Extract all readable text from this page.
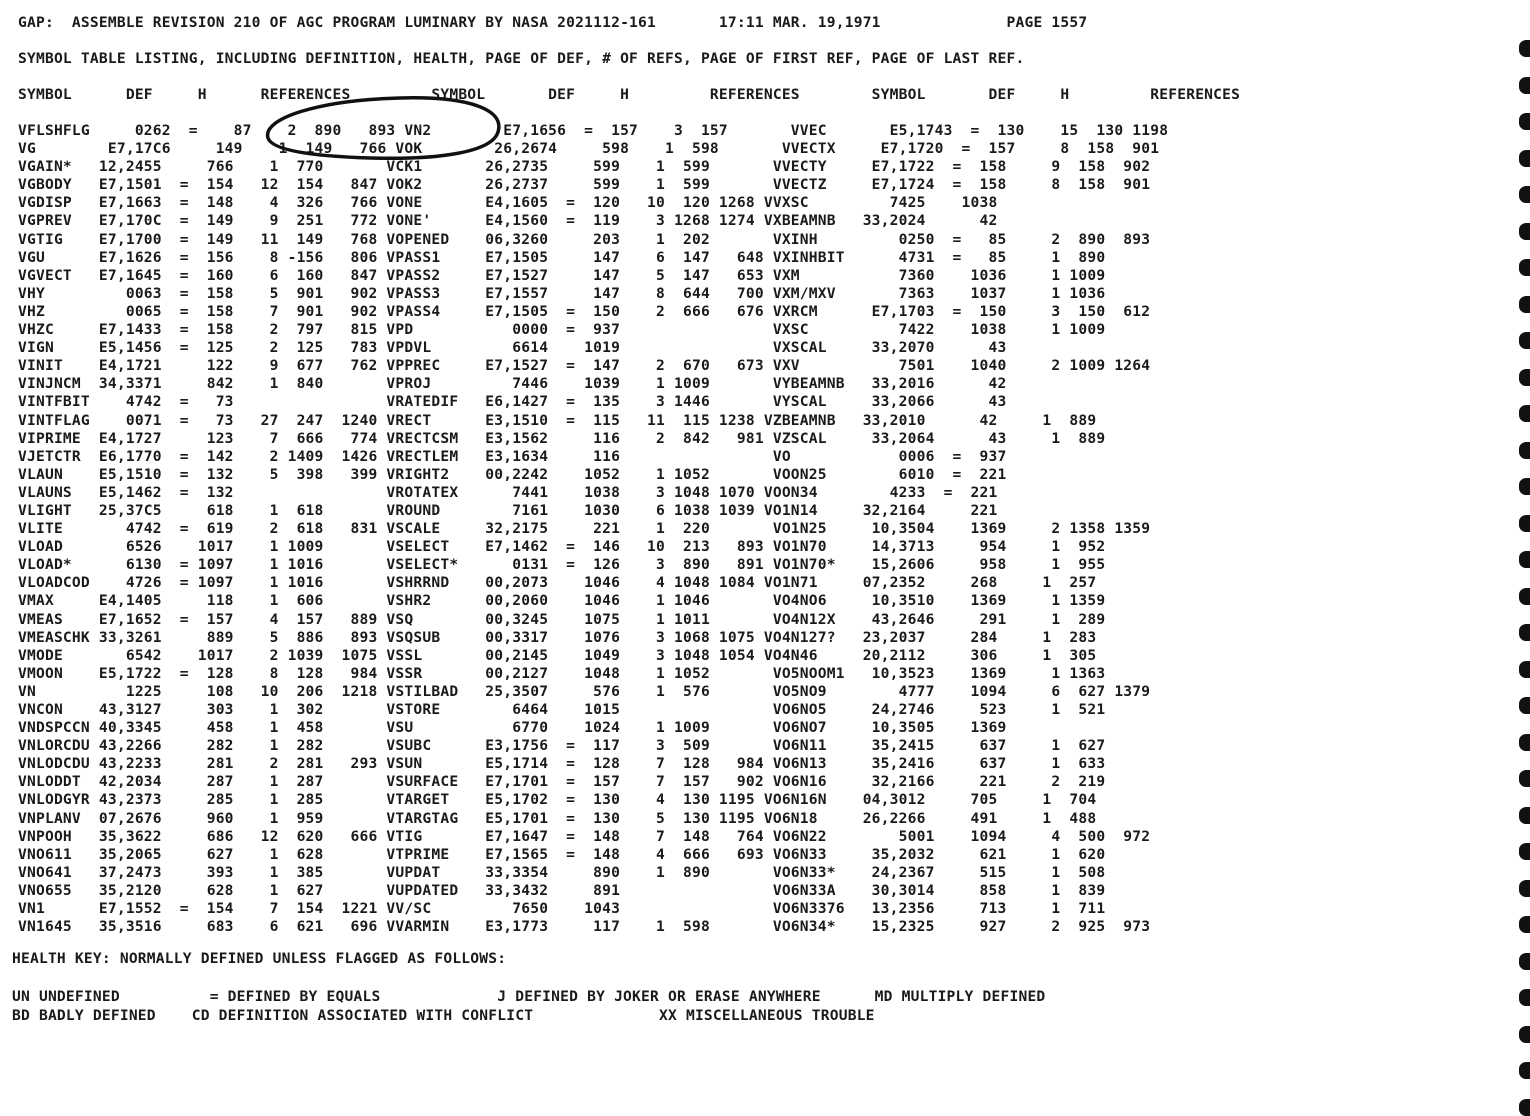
GAP:  ASSEMBLE REVISION 210 OF AGC PROGRAM LUMINARY BY NASA 2021112-161       17:11 MAR. 19,1971              PAGE 1557
SYMBOL TABLE LISTING, INCLUDING DEFINITION, HEALTH, PAGE OF DEF, # OF REFS, PAGE OF FIRST REF, PAGE OF LAST REF.
SYMBOL      DEF     H      REFERENCES         SYMBOL       DEF     H         REFERENCES        SYMBOL       DEF     H         REFERENCES
VFLSHFLG     0262  =    87    2  890   893 VN2        E7,1656  =  157    3  157       VVEC       E5,1743  =  130    15  130 1198
VG        E7,17C6     149    1  149   766 VOK        26,2674     598    1  598       VVECTX     E7,1720  =  157     8  158  901
VGAIN*   12,2455     766    1  770       VCK1       26,2735     599    1  599       VVECTY     E7,1722  =  158     9  158  902
VGBODY   E7,1501  =  154   12  154   847 VOK2       26,2737     599    1  599       VVECTZ     E7,1724  =  158     8  158  901
VGDISP   E7,1663  =  148    4  326   766 VONE       E4,1605  =  120   10  120 1268 VVXSC         7425    1038
VGPREV   E7,170C  =  149    9  251   772 VONE'      E4,1560  =  119    3 1268 1274 VXBEAMNB   33,2024      42
VGTIG    E7,1700  =  149   11  149   768 VOPENED    06,3260     203    1  202       VXINH         0250  =   85     2  890  893
VGU      E7,1626  =  156    8 -156   806 VPASS1     E7,1505     147    6  147   648 VXINHBIT      4731  =   85     1  890
VGVECT   E7,1645  =  160    6  160   847 VPASS2     E7,1527     147    5  147   653 VXM           7360    1036     1 1009
VHY         0063  =  158    5  901   902 VPASS3     E7,1557     147    8  644   700 VXM/MXV       7363    1037     1 1036
VHZ         0065  =  158    7  901   902 VPASS4     E7,1505  =  150    2  666   676 VXRCM      E7,1703  =  150     3  150  612
VHZC     E7,1433  =  158    2  797   815 VPD           0000  =  937                 VXSC          7422    1038     1 1009
VIGN     E5,1456  =  125    2  125   783 VPDVL         6614    1019                 VXSCAL     33,2070      43
VINIT    E4,1721     122    9  677   762 VPPREC     E7,1527  =  147    2  670   673 VXV           7501    1040     2 1009 1264
VINJNCM  34,3371     842    1  840       VPROJ         7446    1039    1 1009       VYBEAMNB   33,2016      42
VINTFBIT    4742  =   73                 VRATEDIF   E6,1427  =  135    3 1446       VYSCAL     33,2066      43
VINTFLAG    0071  =   73   27  247  1240 VRECT      E3,1510  =  115   11  115 1238 VZBEAMNB   33,2010      42     1  889
VIPRIME  E4,1727     123    7  666   774 VRECTCSM   E3,1562     116    2  842   981 VZSCAL     33,2064      43     1  889
VJETCTR  E6,1770  =  142    2 1409  1426 VRECTLEM   E3,1634     116                 VO            0006  =  937
VLAUN    E5,1510  =  132    5  398   399 VRIGHT2    00,2242    1052    1 1052       VOON25        6010  =  221
VLAUNS   E5,1462  =  132                 VROTATEX      7441    1038    3 1048 1070 VOON34        4233  =  221
VLIGHT   25,37C5     618    1  618       VROUND        7161    1030    6 1038 1039 VO1N14     32,2164     221
VLITE       4742  =  619    2  618   831 VSCALE     32,2175     221    1  220       VO1N25     10,3504    1369     2 1358 1359
VLOAD       6526    1017    1 1009       VSELECT    E7,1462  =  146   10  213   893 VO1N70     14,3713     954     1  952
VLOAD*      6130  = 1097    1 1016       VSELECT*      0131  =  126    3  890   891 VO1N70*    15,2606     958     1  955
VLOADCOD    4726  = 1097    1 1016       VSHRRND    00,2073    1046    4 1048 1084 VO1N71     07,2352     268     1  257
VMAX     E4,1405     118    1  606       VSHR2      00,2060    1046    1 1046       VO4NO6     10,3510    1369     1 1359
VMEAS    E7,1652  =  157    4  157   889 VSQ        00,3245    1075    1 1011       VO4N12X    43,2646     291     1  289
VMEASCHK 33,3261     889    5  886   893 VSQSUB     00,3317    1076    3 1068 1075 VO4N127?   23,2037     284     1  283
VMODE       6542    1017    2 1039  1075 VSSL       00,2145    1049    3 1048 1054 VO4N46     20,2112     306     1  305
VMOON    E5,1722  =  128    8  128   984 VSSR       00,2127    1048    1 1052       VO5NOOM1   10,3523    1369     1 1363
VN          1225     108   10  206  1218 VSTILBAD   25,3507     576    1  576       VO5NO9        4777    1094     6  627 1379
VNCON    43,3127     303    1  302       VSTORE        6464    1015                 VO6NO5     24,2746     523     1  521
VNDSPCCN 40,3345     458    1  458       VSU           6770    1024    1 1009       VO6NO7     10,3505    1369
VNLORCDU 43,2266     282    1  282       VSUBC      E3,1756  =  117    3  509       VO6N11     35,2415     637     1  627
VNLODCDU 43,2233     281    2  281   293 VSUN       E5,1714  =  128    7  128   984 VO6N13     35,2416     637     1  633
VNLODDT  42,2034     287    1  287       VSURFACE   E7,1701  =  157    7  157   902 VO6N16     32,2166     221     2  219
VNLODGYR 43,2373     285    1  285       VTARGET    E5,1702  =  130    4  130 1195 VO6N16N    04,3012     705     1  704
VNPLANV  07,2676     960    1  959       VTARGTAG   E5,1701  =  130    5  130 1195 VO6N18     26,2266     491     1  488
VNPOOH   35,3622     686   12  620   666 VTIG       E7,1647  =  148    7  148   764 VO6N22        5001    1094     4  500  972
VNO611   35,2065     627    1  628       VTPRIME    E7,1565  =  148    4  666   693 VO6N33     35,2032     621     1  620
VNO641   37,2473     393    1  385       VUPDAT     33,3354     890    1  890       VO6N33*    24,2367     515     1  508
VNO655   35,2120     628    1  627       VUPDATED   33,3432     891                 VO6N33A    30,3014     858     1  839
VN1      E7,1552  =  154    7  154  1221 VV/SC         7650    1043                 VO6N3376   13,2356     713     1  711
VN1645   35,3516     683    6  621   696 VVARMIN    E3,1773     117    1  598       VO6N34*    15,2325     927     2  925  973
HEALTH KEY: NORMALLY DEFINED UNLESS FLAGGED AS FOLLOWS:
UN UNDEFINED          = DEFINED BY EQUALS             J DEFINED BY JOKER OR ERASE ANYWHERE      MD MULTIPLY DEFINED
BD BADLY DEFINED    CD DEFINITION ASSOCIATED WITH CONFLICT              XX MISCELLANEOUS TROUBLE
